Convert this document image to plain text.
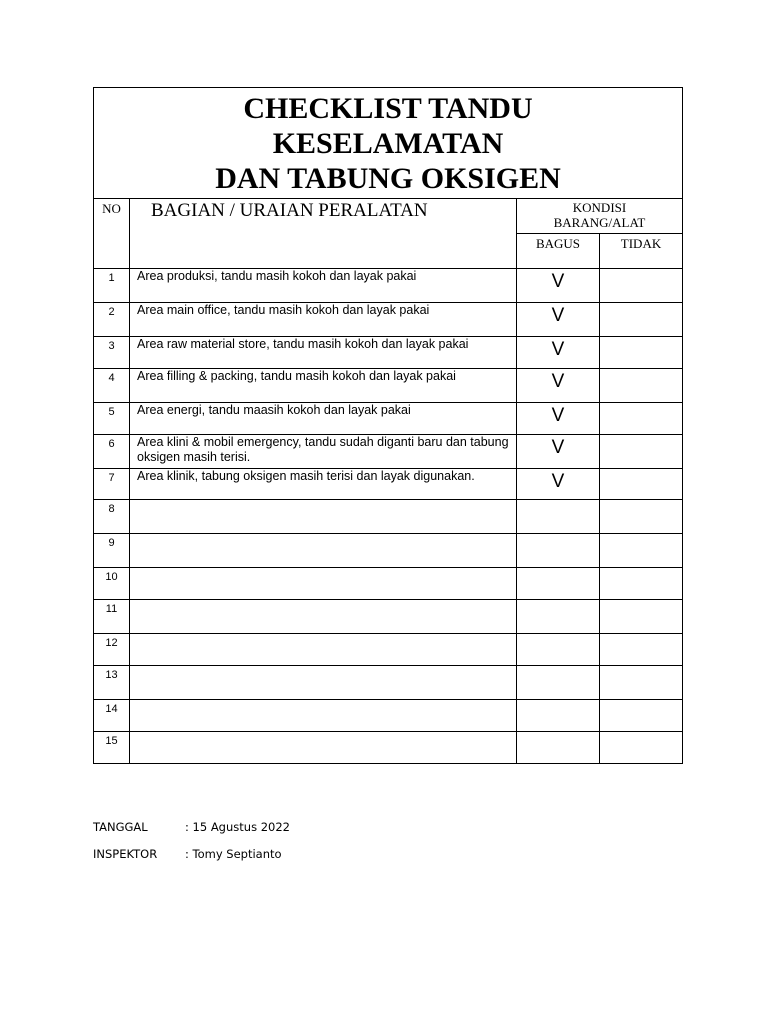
CHECKLIST TANDU
KESELAMATAN
DAN TABUNG OKSIGEN			

NO	BAGIAN / URAIAN PERALATAN	KONDISI
BARANG/ALAT	

		BAGUS	TIDAK
1	Area produksi, tandu masih kokoh dan layak pakai	V	
2	Area main office, tandu masih kokoh dan layak pakai	V	
3	Area raw material store, tandu masih kokoh dan layak pakai	V	
4	Area filling & packing, tandu masih kokoh dan layak pakai	V	
5	Area energi, tandu maasih kokoh dan layak pakai	V	
6	Area klini & mobil emergency, tandu sudah diganti baru dan tabung oksigen masih terisi.	V	
7	Area klinik, tabung oksigen masih terisi dan layak digunakan.	V	
8			
9			
10			
11			
12			
13			
14			
15			
TANGGAL	: 15 Agustus 2022
INSPEKTOR	: Tomy Septianto
